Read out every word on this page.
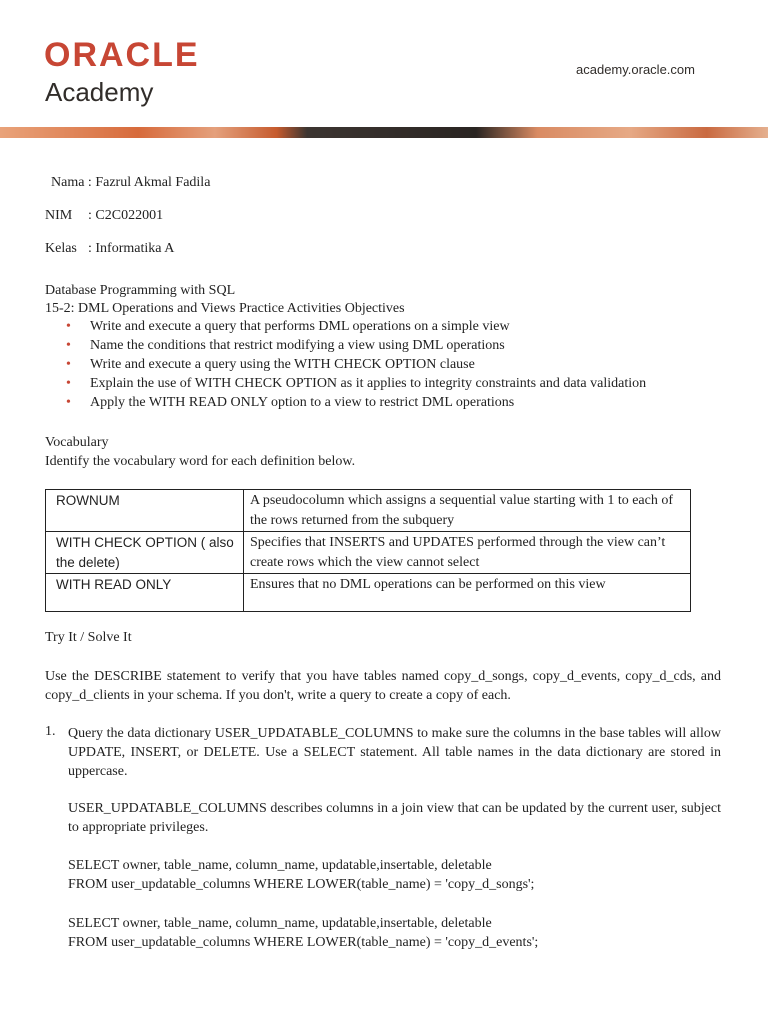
ORACLE
Academy
academy.oracle.com
Nama : Fazrul Akmal Fadila
NIM : C2C022001
Kelas : Informatika A
Database Programming with SQL
15-2: DML Operations and Views Practice Activities Objectives
• Write and execute a query that performs DML operations on a simple view
• Name the conditions that restrict modifying a view using DML operations
• Write and execute a query using the WITH CHECK OPTION clause
• Explain the use of WITH CHECK OPTION as it applies to integrity constraints and data validation
• Apply the WITH READ ONLY option to a view to restrict DML operations
Vocabulary
Identify the vocabulary word for each definition below.
ROWNUM	A pseudocolumn which assigns a sequential value starting with 1 to each of the rows returned from the subquery
WITH CHECK OPTION ( also the delete)	Specifies that INSERTS and UPDATES performed through the view can’t create rows which the view cannot select
WITH READ ONLY	Ensures that no DML operations can be performed on this view
Try It / Solve It
Use the DESCRIBE statement to verify that you have tables named copy_d_songs, copy_d_events, copy_d_cds, and copy_d_clients in your schema. If you don't, write a query to create a copy of each.
1. Query the data dictionary USER_UPDATABLE_COLUMNS to make sure the columns in the base tables will allow UPDATE, INSERT, or DELETE. Use a SELECT statement. All table names in the data dictionary are stored in uppercase.
USER_UPDATABLE_COLUMNS describes columns in a join view that can be updated by the current user, subject to appropriate privileges.
SELECT owner, table_name, column_name, updatable,insertable, deletable
FROM user_updatable_columns WHERE LOWER(table_name) = 'copy_d_songs';
SELECT owner, table_name, column_name, updatable,insertable, deletable
FROM user_updatable_columns WHERE LOWER(table_name) = 'copy_d_events';
